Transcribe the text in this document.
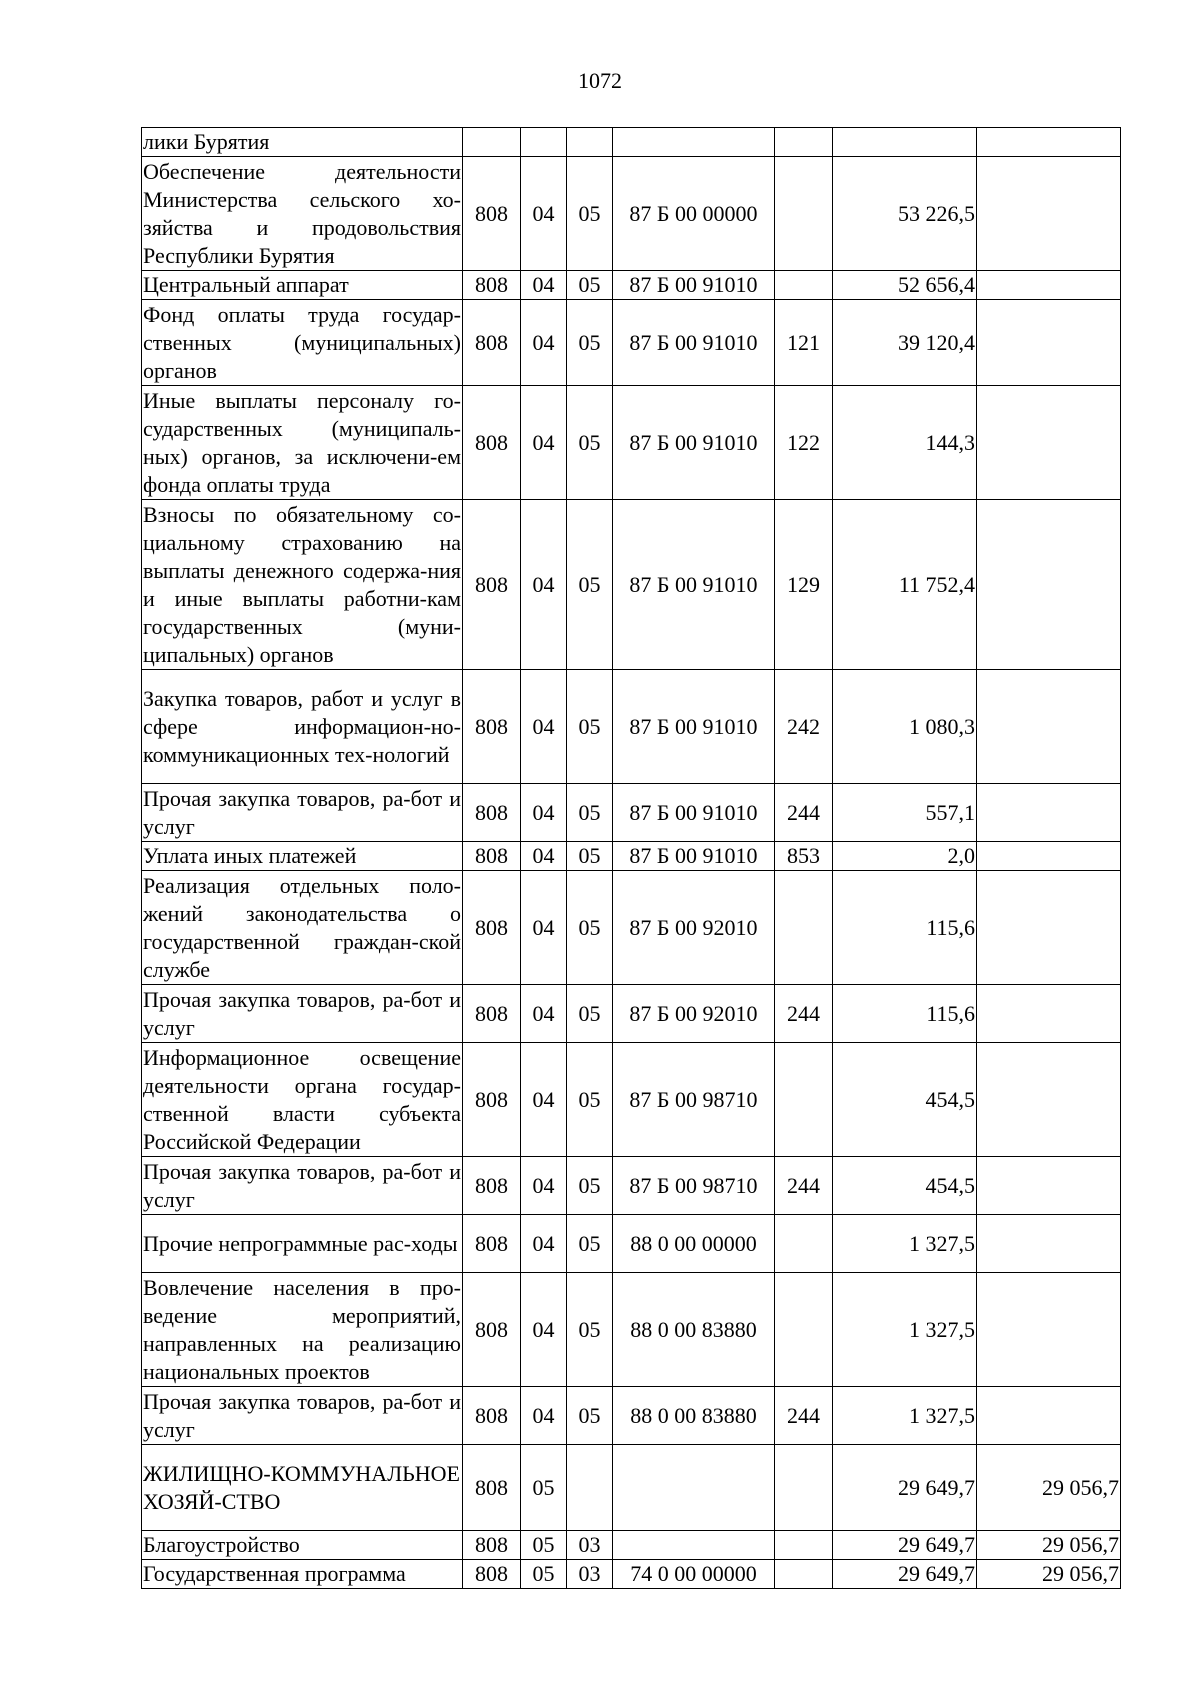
1072
лики Бурятия							
Обеспечение деятельности Министерства сельского хо-зяйства и продовольствия Республики Бурятия	808	04	05	87 Б 00 00000		53 226,5	
Центральный аппарат	808	04	05	87 Б 00 91010		52 656,4	
Фонд оплаты труда государ-ственных (муниципальных) органов	808	04	05	87 Б 00 91010	121	39 120,4	
Иные выплаты персоналу го-сударственных (муниципаль-ных) органов, за исключени-ем фонда оплаты труда	808	04	05	87 Б 00 91010	122	144,3	
Взносы по обязательному со-циальному страхованию на выплаты денежного содержа-ния и иные выплаты работни-кам государственных (муни-ципальных) органов	808	04	05	87 Б 00 91010	129	11 752,4	
Закупка товаров, работ и услуг в сфере информацион-но-коммуникационных тех-нологий	808	04	05	87 Б 00 91010	242	1 080,3	
Прочая закупка товаров, ра-бот и услуг	808	04	05	87 Б 00 91010	244	557,1	
Уплата иных платежей	808	04	05	87 Б 00 91010	853	2,0	
Реализация отдельных поло-жений законодательства о государственной граждан-ской службе	808	04	05	87 Б 00 92010		115,6	
Прочая закупка товаров, ра-бот и услуг	808	04	05	87 Б 00 92010	244	115,6	
Информационное освещение деятельности органа государ-ственной власти субъекта Российской Федерации	808	04	05	87 Б 00 98710		454,5	
Прочая закупка товаров, ра-бот и услуг	808	04	05	87 Б 00 98710	244	454,5	
Прочие непрограммные рас-ходы	808	04	05	88 0 00 00000		1 327,5	
Вовлечение населения в про-ведение мероприятий, направленных на реализацию национальных проектов	808	04	05	88 0 00 83880		1 327,5	
Прочая закупка товаров, ра-бот и услуг	808	04	05	88 0 00 83880	244	1 327,5	
ЖИЛИЩНО-КОММУНАЛЬНОЕ ХОЗЯЙ-СТВО	808	05				29 649,7	29 056,7
Благоустройство	808	05	03			29 649,7	29 056,7
Государственная программа	808	05	03	74 0 00 00000		29 649,7	29 056,7
